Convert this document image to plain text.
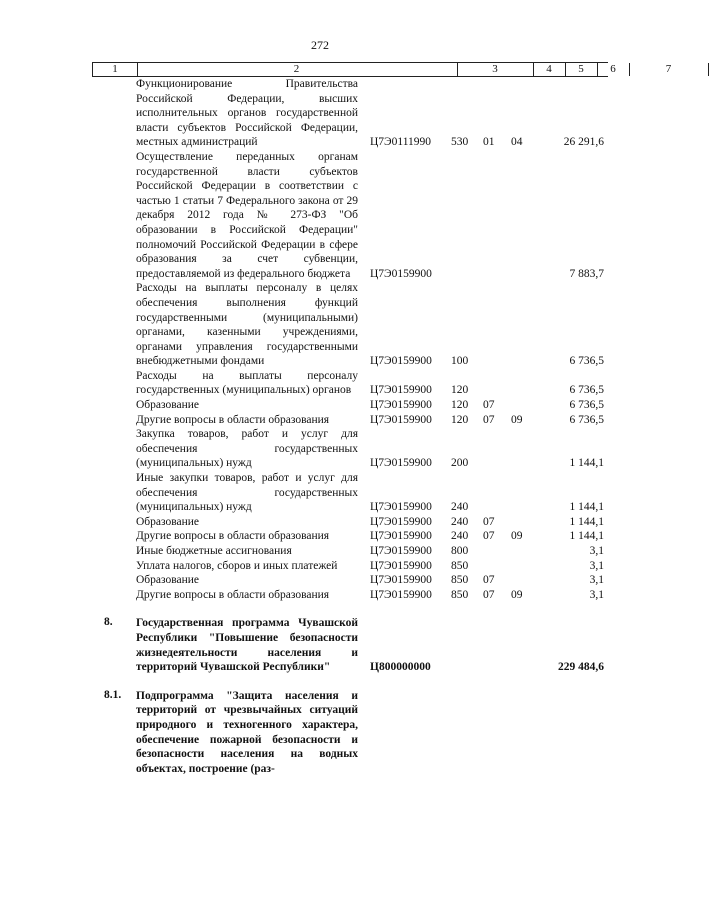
272
1	2	3	4	5	6	7
Функционирование Правительства Российской Федерации, высших исполнительных органов государственной власти субъектов Российской Федерации, местных администраций	Ц7Э0111990 530 01 04	26 291,6
Осуществление переданных органам государственной власти субъектов Российской Федерации в соответствии с частью 1 статьи 7 Федерального закона от 29 декабря 2012 года № 273-ФЗ "Об образовании в Российской Федерации" полномочий Российской Федерации в сфере образования за счет субвенции, предоставляемой из федерального бюджета	Ц7Э0159900	7 883,7
Расходы на выплаты персоналу в целях обеспечения выполнения функций государственными (муниципальными) органами, казенными учреждениями, органами управления государственными внебюджетными фондами	Ц7Э0159900 100	6 736,5
Расходы на выплаты персоналу государственных (муниципальных) органов	Ц7Э0159900 120	6 736,5
Образование	Ц7Э0159900 120 07	6 736,5
Другие вопросы в области образования	Ц7Э0159900 120 07 09	6 736,5
Закупка товаров, работ и услуг для обеспечения государственных (муниципальных) нужд	Ц7Э0159900 200	1 144,1
Иные закупки товаров, работ и услуг для обеспечения государственных (муниципальных) нужд	Ц7Э0159900 240	1 144,1
Образование	Ц7Э0159900 240 07	1 144,1
Другие вопросы в области образования	Ц7Э0159900 240 07 09	1 144,1
Иные бюджетные ассигнования	Ц7Э0159900 800	3,1
Уплата налогов, сборов и иных платежей	Ц7Э0159900 850	3,1
Образование	Ц7Э0159900 850 07	3,1
Другие вопросы в области образования	Ц7Э0159900 850 07 09	3,1
8.	Государственная программа Чувашской Республики "Повышение безопасности жизнедеятельности населения и территорий Чувашской Республики"	Ц800000000	229 484,6
8.1.	Подпрограмма "Защита населения и территорий от чрезвычайных ситуаций природного и техногенного характера, обеспечение пожарной безопасности и безопасности населения на водных объектах, построение (раз-
